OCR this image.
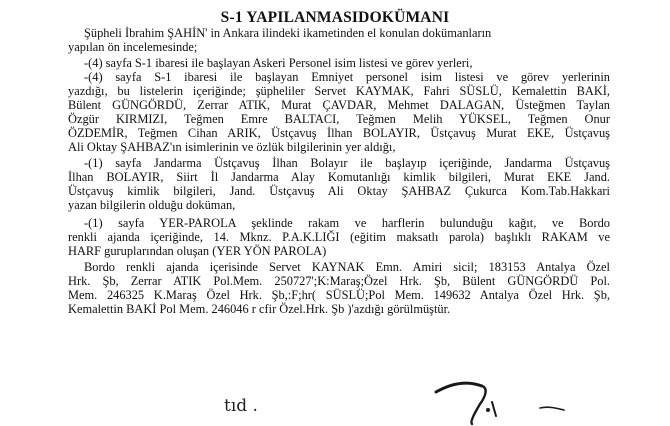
S-1 YAPILANMASIDOKÜMANI
Şüpheli İbrahim ŞAHİN' in Ankara ilindeki ikametinden el konulan dokümanların
yapılan ön incelemesinde;
-(4) sayfa S-1 ibaresi ile başlayan Askeri Personel isim listesi ve görev yerleri,
-(4) sayfa S-1 ibaresi ile başlayan Emniyet personel isim listesi ve görev yerlerinin
yazdığı, bu listelerin içeriğinde; şüpheliler Servet KAYMAK, Fahri SÜSLÜ, Kemalettin BAKİ,
Bülent GÜNGÖRDÜ, Zerrar ATIK, Murat ÇAVDAR, Mehmet DALAGAN, Üsteğmen Taylan
Özgür KIRMIZI, Teğmen Emre BALTACI, Teğmen Melih YÜKSEL, Teğmen Onur
ÖZDEMİR, Teğmen Cihan ARIK, Üstçavuş İlhan BOLAYIR, Üstçavuş Murat EKE, Üstçavuş
Ali Oktay ŞAHBAZ'ın isimlerinin ve özlük bilgilerinin yer aldığı,
-(1) sayfa Jandarma Üstçavuş İlhan Bolayır ile başlayıp içeriğinde, Jandarma Üstçavuş
İlhan BOLAYIR, Siirt İl Jandarma Alay Komutanlığı kimlik bilgileri, Murat EKE Jand.
Üstçavuş kimlik bilgileri, Jand. Üstçavuş Ali Oktay ŞAHBAZ Çukurca Kom.Tab.Hakkari
yazan bilgilerin olduğu doküman,
-(1) sayfa YER-PAROLA şeklinde rakam ve harflerin bulunduğu kağıt, ve Bordo
renkli ajanda içeriğinde, 14. Mknz. P.A.K.LIĞI (eğitim maksatlı parola) başlıklı RAKAM ve
HARF guruplarından oluşan (YER YÖN PAROLA)
Bordo renkli ajanda içerisinde Servet KAYNAK Emn. Amiri sicil; 183153 Antalya Özel
Hrk. Şb, Zerrar ATIK Pol.Mem. 250727';K:Maraş;Özel Hrk. Şb, Bülent GÜNGÖRDÜ Pol.
Mem. 246325 K.Maraş Özel Hrk. Şb,:F;hr( SÜSLÜ;Pol Mem. 149632 Antalya Özel Hrk. Şb,
Kemalettin BAKİ Pol Mem. 246046 r cfir Özel.Hrk. Şb )'azdığı görülmüştür.
tıd .
